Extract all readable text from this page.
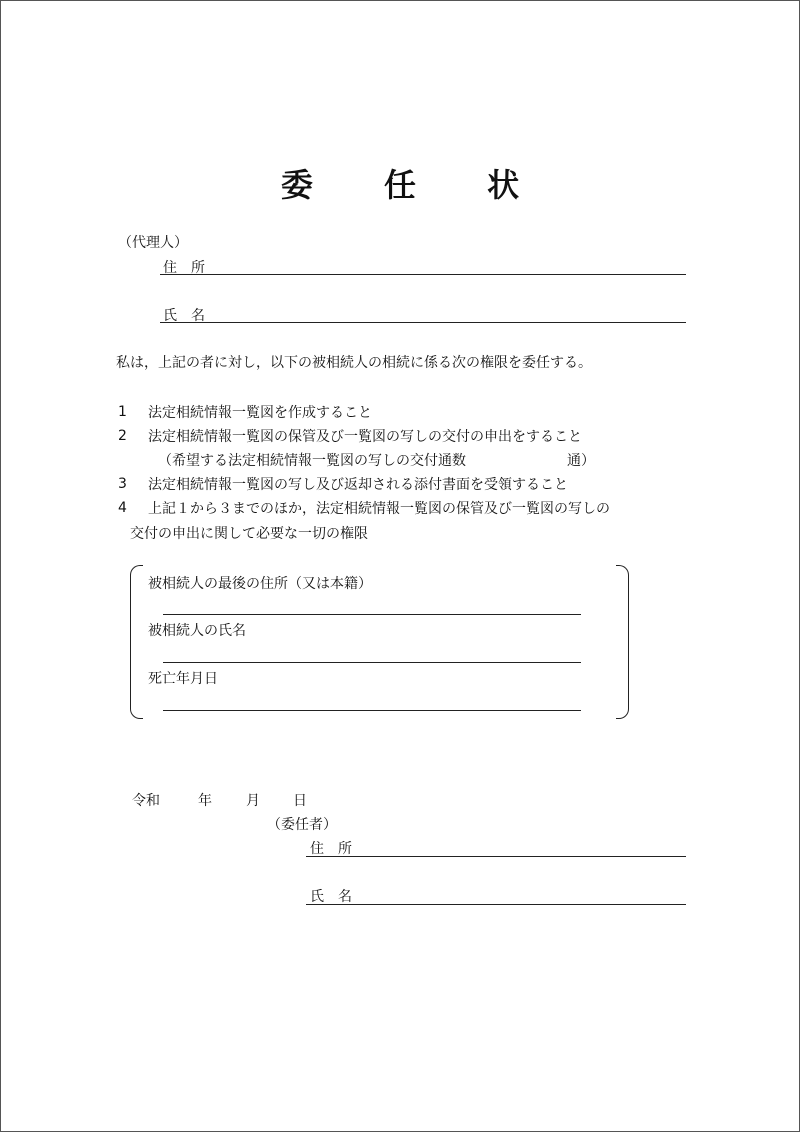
委 任 状
（代理人）
住　所
氏　名
私は，上記の者に対し，以下の被相続人の相続に係る次の権限を委任する。
1 法定相続情報一覧図を作成すること
2 法定相続情報一覧図の保管及び一覧図の写しの交付の申出をすること
（希望する法定相続情報一覧図の写しの交付通数	通）
3 法定相続情報一覧図の写し及び返却される添付書面を受領すること
4 上記１から３までのほか，法定相続情報一覧図の保管及び一覧図の写しの
交付の申出に関して必要な一切の権限
被相続人の最後の住所（又は本籍）
被相続人の氏名
死亡年月日
令和	年 月 日
（委任者）
住　所
氏　名
